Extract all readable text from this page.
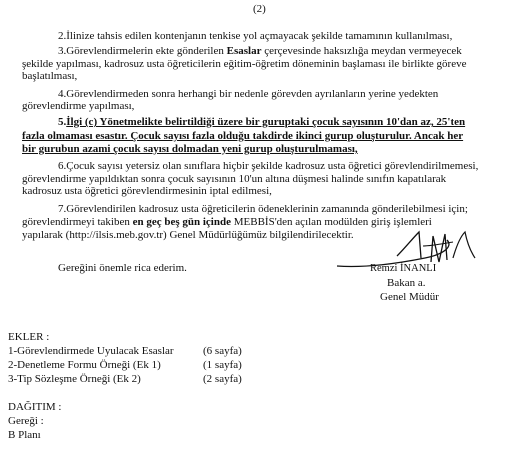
(2)
2.İlinize tahsis edilen kontenjanın tenkise yol açmayacak şekilde tamamının kullanılması,
3.Görevlendirmelerin ekte gönderilen Esaslar çerçevesinde haksızlığa meydan vermeyecek
şekilde yapılması, kadrosuz usta öğreticilerin eğitim-öğretim döneminin başlaması ile birlikte göreve
başlatılması,
4.Görevlendirmeden sonra herhangi bir nedenle görevden ayrılanların yerine yedekten
görevlendirme yapılması,
5.İlgi (c) Yönetmelikte belirtildiği üzere bir guruptaki çocuk sayısının 10'dan az, 25'ten
fazla olmaması esastır. Çocuk sayısı fazla olduğu takdirde ikinci gurup oluşturulur. Ancak her
bir gurubun azami çocuk sayısı dolmadan yeni gurup oluşturulmaması,
6.Çocuk sayısı yetersiz olan sınıflara hiçbir şekilde kadrosuz usta öğretici görevlendirilmemesi,
görevlendirme yapıldıktan sonra çocuk sayısının 10'un altına düşmesi halinde sınıfın kapatılarak
kadrosuz usta öğretici görevlendirmesinin iptal edilmesi,
7.Görevlendirilen kadrosuz usta öğreticilerin ödeneklerinin zamanında gönderilebilmesi için;
görevlendirmeyi takiben en geç beş gün içinde MEBBİS'den açılan modülden giriş işlemleri
yapılarak (http://ilsis.meb.gov.tr) Genel Müdürlüğümüz bilgilendirilecektir.
Gereğini önemle rica ederim.	Remzi İNANLI
Bakan a.
Genel Müdür
EKLER :
1-Görevlendirmede Uyulacak Esaslar	(6 sayfa)
2-Denetleme Formu Örneği (Ek 1)	(1 sayfa)
3-Tip Sözleşme Örneği (Ek 2)	(2 sayfa)
DAĞITIM :
Gereği :
B Planı
